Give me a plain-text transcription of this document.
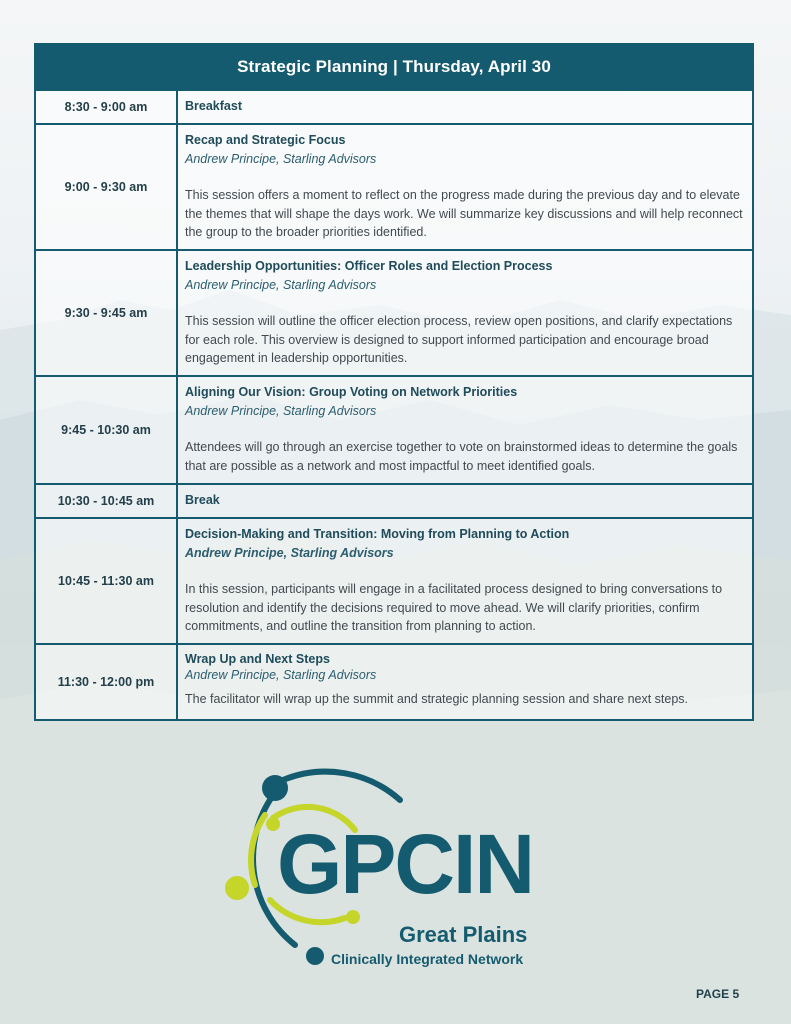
Strategic Planning | Thursday, April 30
8:30 - 9:00 am	Breakfast
9:00 - 9:30 am
Recap and Strategic Focus
Andrew Principe, Starling Advisors
This session offers a moment to reflect on the progress made during the previous day and to elevate the themes that will shape the days work. We will summarize key discussions and will help reconnect the group to the broader priorities identified.
9:30 - 9:45 am
Leadership Opportunities: Officer Roles and Election Process
Andrew Principe, Starling Advisors
This session will outline the officer election process, review open positions, and clarify expectations for each role. This overview is designed to support informed participation and encourage broad engagement in leadership opportunities.
9:45 - 10:30 am
Aligning Our Vision: Group Voting on Network Priorities
Andrew Principe, Starling Advisors
Attendees will go through an exercise together to vote on brainstormed ideas to determine the goals that are possible as a network and most impactful to meet identified goals.
10:30 - 10:45 am	Break
10:45 - 11:30 am
Decision-Making and Transition: Moving from Planning to Action
Andrew Principe, Starling Advisors
In this session, participants will engage in a facilitated process designed to bring conversations to resolution and identify the decisions required to move ahead. We will clarify priorities, confirm commitments, and outline the transition from planning to action.
11:30 - 12:00 pm
Wrap Up and Next Steps
Andrew Principe, Starling Advisors
The facilitator will wrap up the summit and strategic planning session and share next steps.
GPCIN
Great Plains
Clinically Integrated Network
PAGE 5
